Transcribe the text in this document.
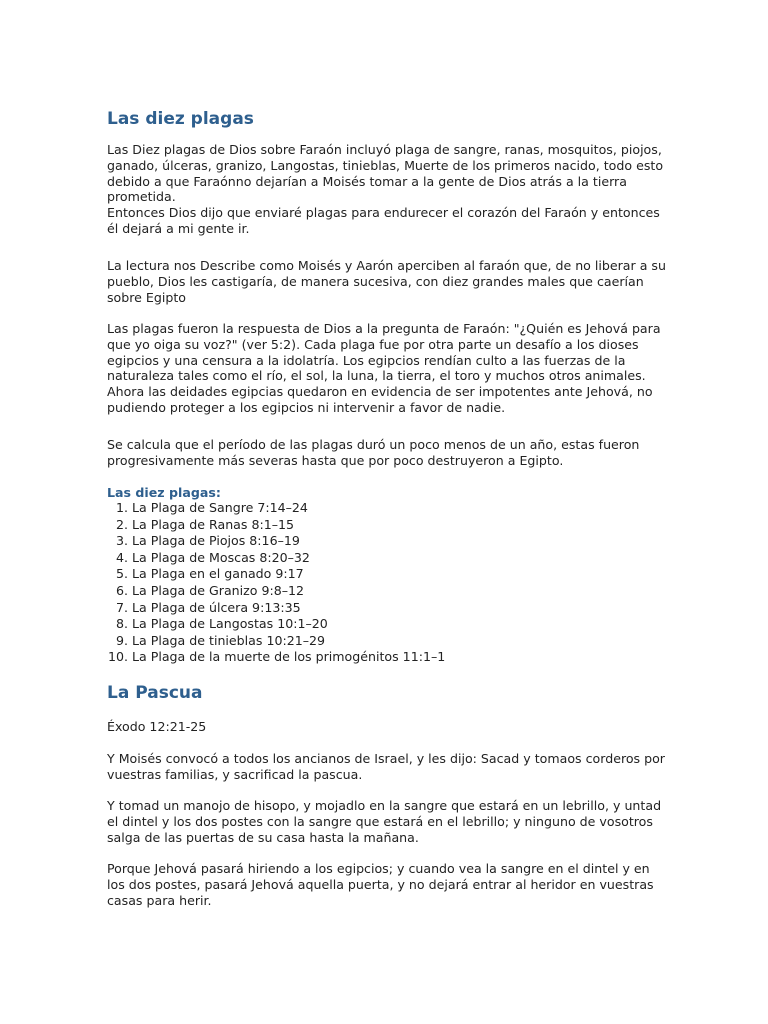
Las diez plagas

Las Diez plagas de Dios sobre Faraón incluyó plaga de sangre, ranas, mosquitos, piojos, ganado, úlceras, granizo, Langostas, tinieblas, Muerte de los primeros nacido, todo esto debido a que Faraónno dejarían a Moisés tomar a la gente de Dios atrás a la tierra prometida.

Entonces Dios dijo que enviaré plagas para endurecer el corazón del Faraón y entonces él dejará a mi gente ir.

La lectura nos Describe como Moisés y Aarón aperciben al faraón que, de no liberar a su pueblo, Dios les castigaría, de manera sucesiva, con diez grandes males que caerían sobre Egipto

Las plagas fueron la respuesta de Dios a la pregunta de Faraón: "¿Quién es Jehová para que yo oiga su voz?" (ver 5:2). Cada plaga fue por otra parte un desafío a los dioses egipcios y una censura a la idolatría. Los egipcios rendían culto a las fuerzas de la naturaleza tales como el río, el sol, la luna, la tierra, el toro y muchos otros animales. Ahora las deidades egipcias quedaron en evidencia de ser impotentes ante Jehová, no pudiendo proteger a los egipcios ni intervenir a favor de nadie.

Se calcula que el período de las plagas duró un poco menos de un año, estas fueron progresivamente más severas hasta que por poco destruyeron a Egipto.

Las diez plagas:
1. La Plaga de Sangre 7:14–24
2. La Plaga de Ranas 8:1–15
3. La Plaga de Piojos 8:16–19
4. La Plaga de Moscas 8:20–32
5. La Plaga en el ganado 9:17
6. La Plaga de Granizo 9:8–12
7. La Plaga de úlcera 9:13:35
8. La Plaga de Langostas 10:1–20
9. La Plaga de tinieblas 10:21–29
10. La Plaga de la muerte de los primogénitos 11:1–1
La Pascua

Éxodo 12:21-25

Y Moisés convocó a todos los ancianos de Israel, y les dijo: Sacad y tomaos corderos por vuestras familias, y sacrificad la pascua.

Y tomad un manojo de hisopo, y mojadlo en la sangre que estará en un lebrillo, y untad el dintel y los dos postes con la sangre que estará en el lebrillo; y ninguno de vosotros salga de las puertas de su casa hasta la mañana.

Porque Jehová pasará hiriendo a los egipcios; y cuando vea la sangre en el dintel y en los dos postes, pasará Jehová aquella puerta, y no dejará entrar al heridor en vuestras casas para herir.
